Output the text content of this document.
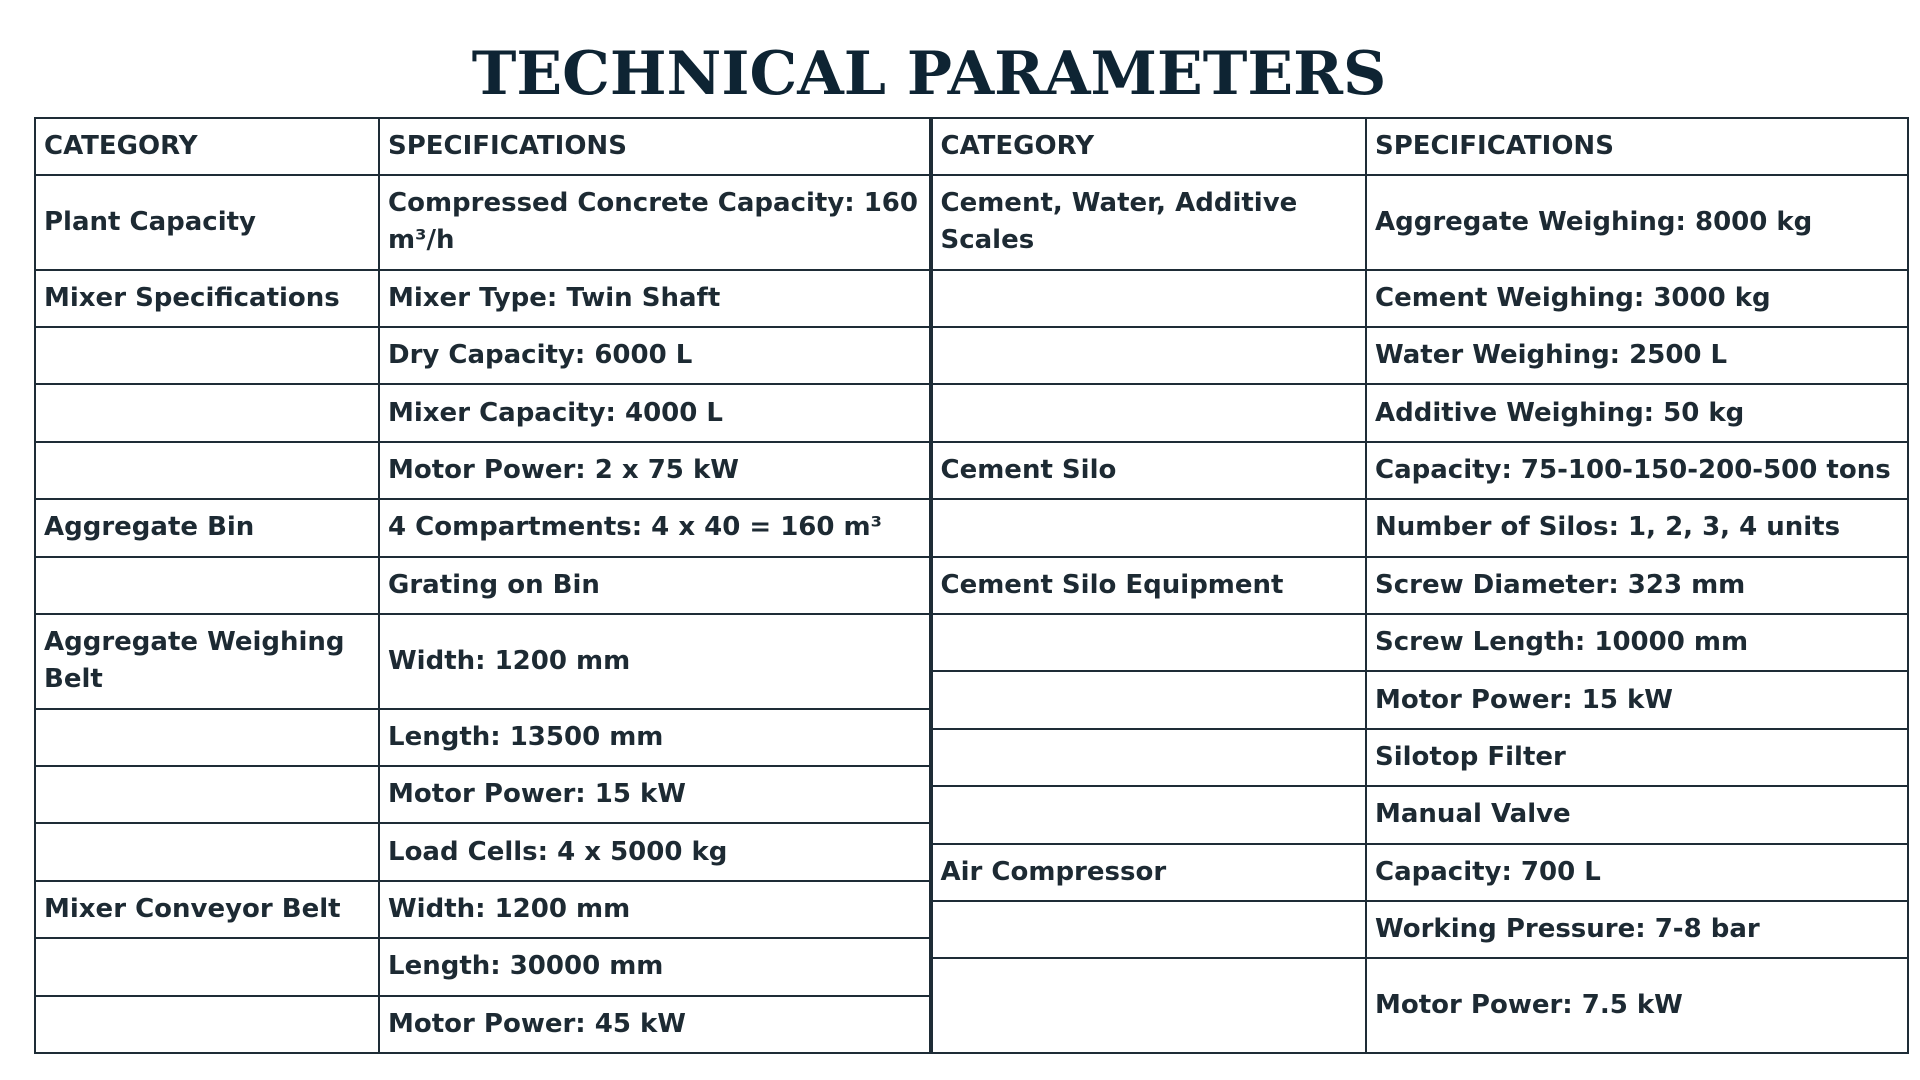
TECHNICAL PARAMETERS
CATEGORY	SPECIFICATIONS
Plant Capacity	Compressed Concrete Capacity: 160 m³/h
Mixer Specifications	Mixer Type: Twin Shaft
	Dry Capacity: 6000 L
	Mixer Capacity: 4000 L
	Motor Power: 2 x 75 kW
Aggregate Bin	4 Compartments: 4 x 40 = 160 m³
	Grating on Bin
Aggregate Weighing Belt	Width: 1200 mm
	Length: 13500 mm
	Motor Power: 15 kW
	Load Cells: 4 x 5000 kg
Mixer Conveyor Belt	Width: 1200 mm
	Length: 30000 mm
	Motor Power: 45 kW
CATEGORY	SPECIFICATIONS
Cement, Water, Additive Scales	Aggregate Weighing: 8000 kg
	Cement Weighing: 3000 kg
	Water Weighing: 2500 L
	Additive Weighing: 50 kg
Cement Silo	Capacity: 75-100-150-200-500 tons
	Number of Silos: 1, 2, 3, 4 units
Cement Silo Equipment	Screw Diameter: 323 mm
	Screw Length: 10000 mm
	Motor Power: 15 kW
	Silotop Filter
	Manual Valve
Air Compressor	Capacity: 700 L
	Working Pressure: 7-8 bar
	Motor Power: 7.5 kW
